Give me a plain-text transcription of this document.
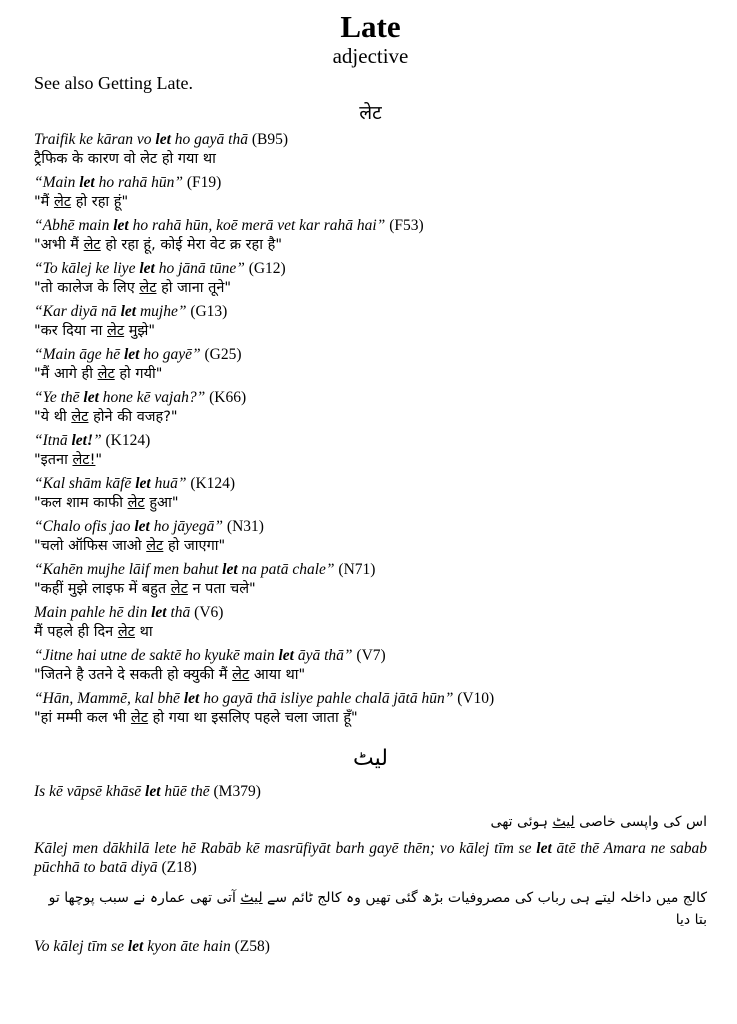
Late

adjective

See also Getting Late.

लेट

Traifik ke kāran vo let ho gayā thā (B95)

ट्रैफिक के कारण वो लेट हो गया था

“Main let ho rahā hūn” (F19)

"मैं लेट हो रहा हूं"

“Abhē main let ho rahā hūn, koē merā vet kar rahā hai” (F53)

"अभी मैं लेट हो रहा हूं, कोई मेरा वेट क्र रहा है"

“To kālej ke liye let ho jānā tūne” (G12)

"तो कालेज के लिए लेट हो जाना तूने"

“Kar diyā nā let mujhe” (G13)

"कर दिया ना लेट मुझे"

“Main āge hē let ho gayē” (G25)

"मैं आगे ही लेट हो गयी"

“Ye thē let hone kē vajah?” (K66)

"ये थी लेट होने की वजह?"

“Itnā let!” (K124)

"इतना लेट!"

“Kal shām kāfē let huā” (K124)

"कल शाम काफी लेट हुआ"

“Chalo ofis jao let ho jāyegā” (N31)

"चलो ऑफिस जाओ लेट हो जाएगा"

“Kahēn mujhe lāif men bahut let na patā chale” (N71)

"कहीं मुझे लाइफ में बहुत लेट न पता चले"

Main pahle hē din let thā (V6)

मैं पहले ही दिन लेट था

“Jitne hai utne de saktē ho kyukē main let āyā thā” (V7)

"जितने है उतने दे सकती हो क्युकी मैं लेट आया था"

“Hān, Mammē, kal bhē let ho gayā thā isliye pahle chalā jātā hūn” (V10)

"हां मम्मी कल भी लेट हो गया था इसलिए पहले चला जाता हूँ"

لیٹ

Is kē vāpsē khāsē let hūē thē (M379)

اس کی واپسی خاصی لیٹ ہوئی تھی

Kālej men dākhilā lete hē Rabāb kē masrūfiyāt barh gayē thēn; vo kālej tīm se let ātē thē Amara ne sabab pūchhā to batā diyā (Z18)

کالج میں داخلہ لیتے ہی رباب کی مصروفیات بڑھ گئی تھیں وہ کالج ٹائم سے لیٹ آتی تھی عمارہ نے سبب پوچھا تو بتا دیا

Vo kālej tīm se let kyon āte hain (Z58)
